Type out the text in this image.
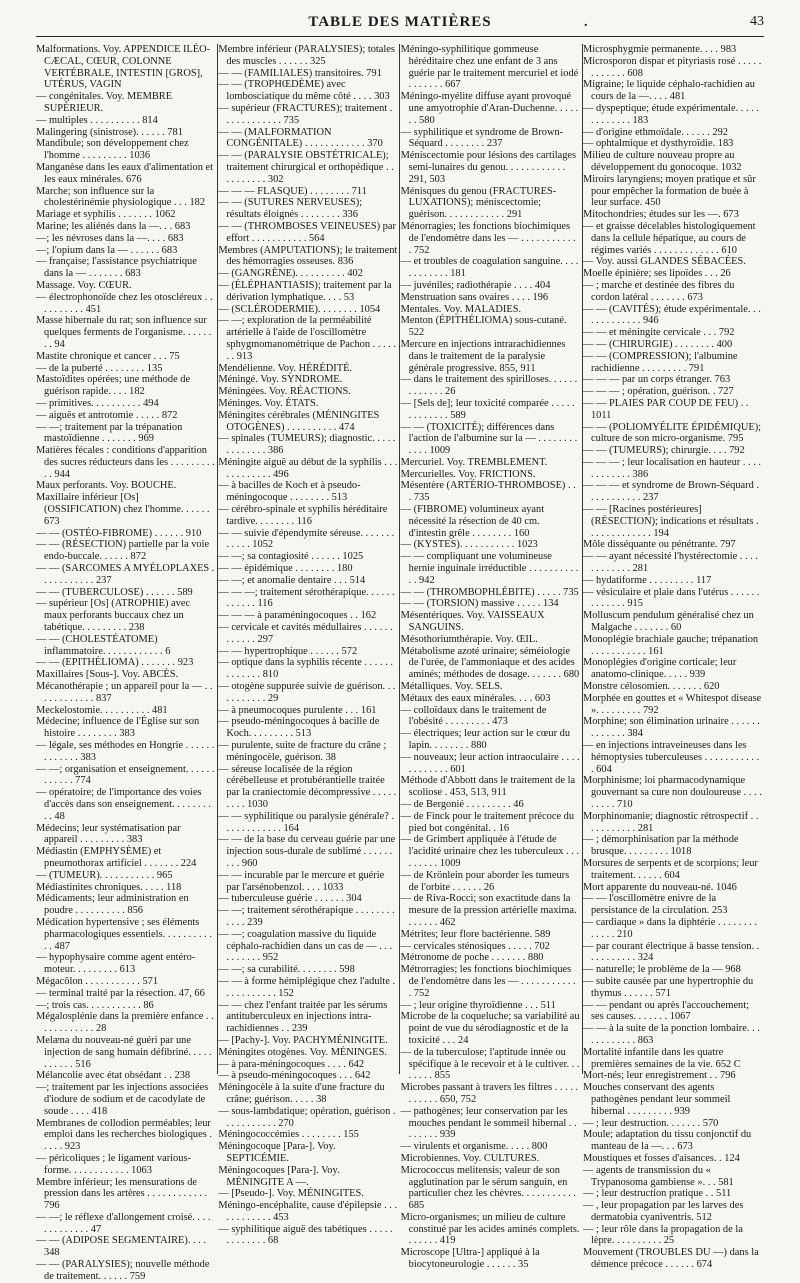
TABLE DES MATIÈRES	.	43

Malformations. Voy. APPENDICE ILÉO-CÆCAL, CŒUR, COLONNE VERTÉBRALE, INTESTIN [GROS], UTÉRUS, VAGIN

— congénitales. Voy. MEMBRE SUPÉRIEUR.

— multiples . . . . . . . . . . 814

Malingering (sinistrose). . . . . . 781

Mandibule; son développement chez l'homme . . . . . . . . . 1036

Manganèse dans les eaux d'alimentation et les eaux minérales. 676

Marche; son influence sur la cholestérinémie physiologique . . . 182

Mariage et syphilis . . . . . . . 1062

Marine; les aliénés dans la —. . . 683

—; les névroses dans la —. . . . 683

—; l'opium dans la — . . . . . . 683

— française; l'assistance psychiatrique dans la — . . . . . . . 683

Massage. Voy. CŒUR.

— électrophonoïde chez les otoscléreux . . . . . . . . . . 451

Masse hibernale du rat; son influence sur quelques ferments de l'organisme. . . . . . . . 94

Mastite chronique et cancer . . . 75

— de la puberté . . . . . . . . 135

Mastoïdites opérées; une méthode de guérison rapide. . . . 182

— primitives. . . . . . . . . . 494

— aiguës et antrotomie . . . . . 872

— —; traitement par la trépanation mastoïdienne . . . . . . . 969

Matières fécales : conditions d'apparition des sucres réducteurs dans les . . . . . . . . . . . 944

Maux perforants. Voy. BOUCHE.

Maxillaire inférieur [Os] (OSSIFICATION) chez l'homme. . . . . . 673

— — (OSTÉO-FIBROME) . . . . . . 910

— — (RÉSECTION) partielle par la voie endo-buccale. . . . . . 872

— — (SARCOMES A MYÉLOPLAXES . . . . . . . . . . . 237

— — (TUBERCULOSE) . . . . . . 589

— supérieur [Os] (ATROPHIE) avec maux perforants buccaux chez un tabétique. . . . . . . . . 238

— — (CHOLESTÉATOME) inflammatoire. . . . . . . . . . . . 6

— — (EPITHÉLIOMA) . . . . . . . 923

Maxillaires [Sous-]. Voy. ABCÈS.

Mécanothérapie ; un appareil pour la — . . . . . . . . . . . . 837

Meckelostomie. . . . . . . . . . 481

Médecine; influence de l'Église sur son histoire . . . . . . . . 383

— légale, ses méthodes en Hongrie . . . . . . . . . . . . . 383

— —; organisation et enseignement. . . . . . . . . . . . 774

— opératoire; de l'importance des voies d'accès dans son enseignement. . . . . . . . . . 48

Médecins; leur systématisation par appareil . . . . . . . . . 383

Médiastin (EMPHYSÈME) et pneumothorax artificiel . . . . . . . 224

— (TUMEUR). . . . . . . . . . . 965

Médiastinites chroniques. . . . . 118

Médicaments; leur administration en poudre . . . . . . . . . . 856

Médication hypertensive ; ses éléments pharmacologiques essentiels. . . . . . . . . . . . 487

— hypophysaire comme agent entéro-moteur. . . . . . . . . 613

Mégacôlon . . . . . . . . . . . 571

— terminal traité par la résection. 47, 66

—; trois cas. . . . . . . . . . . 86

Mégalosplénie dans la première enfance . . . . . . . . . . . . 28

Melæna du nouveau-né guéri par une injection de sang humain défibriné. . . . . . . . . . . 516

Mélancolie avec état obsédant . . 238

—; traitement par les injections associées d'iodure de sodium et de cacodylate de soude . . . . 418

Membranes de collodion perméables; leur emploi dans les recherches biologiques . . . . . 923

— péricoliques ; le ligament various-forme. . . . . . . . . . . . 1063

Membre inférieur; les mensurations de pression dans les artères . . . . . . . . . . . . 796

— —; le réflexe d'allongement croisé. . . . . . . . . . . . . 47

— — (ADIPOSE SEGMENTAIRE). . . . 348

— — (PARALYSIES); nouvelle méthode de traitement. . . . . . 759

Membre inférieur (PARALYSIES); totales des muscles . . . . . . 325

— — (FAMILIALES) transitoires. 791

— — (TROPHŒDÈME) avec lombosciatique du même côté . . . . 303

— supérieur (FRACTURES); traitement . . . . . . . . . . . . 735

— — (MALFORMATION CONGÉNITALE) . . . . . . . . . . . . 370

— — (PARALYSIE OBSTÉTRICALE); traitement chirurgical et orthopédique . . . . . . . . . . 302

— — — FLASQUE) . . . . . . . . 711

— — (SUTURES NERVEUSES); résultats éloignés . . . . . . . . 336

— — (THROMBOSES VEINEUSES) par effort . . . . . . . . . . . 564

Membres (AMPUTATIONS); le traitement des hémorragies osseuses. 836

— (GANGRÈNE). . . . . . . . . . 402

— (ÉLÉPHANTIASIS); traitement par la dérivation lymphatique. . . . 53

— (SCLÉRODERMIE). . . . . . . . 1054

— —; exploration de la perméabilité artérielle à l'aide de l'oscillomètre sphygmomanométrique de Pachon . . . . . . . 913

Mendélienne. Voy. HÉRÉDITÉ.

Méningé. Voy. SYNDROME.

Méningées. Voy. RÉACTIONS.

Méninges. Voy. ÉTATS.

Méningites cérébrales (MÉNINGITES OTOGÈNES) . . . . . . . . . . 474

— spinales (TUMEURS); diagnostic. . . . . . . . . . . . . 386

Méningite aiguë au début de la syphilis . . . . . . . . . . . . 496

— à bacilles de Koch et à pseudo-méningocoque . . . . . . . . 513

— cérébro-spinale et syphilis héréditaire tardive. . . . . . . . 116

— — suivie d'épendymite séreuse. . . . . . . . . . . . 1052

— —; sa contagiosité . . . . . . 1025

— — épidémique . . . . . . . . 180

— —; et anomalie dentaire . . . 514

— — —; traitement sérothérapique. . . . . . . . . . . . 116

— — — à paraméningocoques . . 162

— cervicale et cavités médullaires . . . . . . . . . . . . 297

— — hypertrophique . . . . . . 572

— optique dans la syphilis récente . . . . . . . . . . . . . 810

— otogène suppurée suivie de guérison. . . . . . . . . . . 29

— à pneumocoques purulente . . . 161

— pseudo-méningocoques à bacille de Koch. . . . . . . . . 513

— purulente, suite de fracture du crâne ; méningocèle, guérison. 38

— séreuse localisée de la région cérébelleuse et protubérantielle traitée par la craniectomie décompressive . . . . . . . . . 1030

— — syphilitique ou paralysie générale? . . . . . . . . . . . . 164

— — de la base du cerveau guérie par une injection sous-durale de sublimé . . . . . . . . . 960

— — incurable par le mercure et guérie par l'arsénobenzol. . . . 1033

— tuberculeuse guérie . . . . . . 304

— —; traitement sérothérapique . . . . . . . . . . . . 239

— —; coagulation massive du liquide céphalo-rachidien dans un cas de — . . . . . . . . . . 952

— —; sa curabilité. . . . . . . . 598

— — à forme hémiplégique chez l'adulte . . . . . . . . . . . 152

— — chez l'enfant traitée par les sérums antituberculeux en injections intra-rachidiennes . . 239

— [Pachy-]. Voy. PACHYMÉNINGITE.

Méningites otogènes. Voy. MÉNINGES.

— à para-méningocoques . . . . 642

— à pseudo-méningocoques . . . 642

Méningocèle à la suite d'une fracture du crâne; guérison. . . . . 38

— sous-lambdatique; opération, guérison . . . . . . . . . . . 270

Méningococcémies . . . . . . . . 155

Méningocoque [Para-]. Voy. SEPTICÉMIE.

Méningocoques [Para-]. Voy. MÉNINGITE A —.

— [Pseudo-]. Voy. MÉNINGITES.

Méningo-encéphalite, cause d'épilepsie . . . . . . . . . . . . 453

— syphilitique aiguë des tabétiques . . . . . . . . . . . . . 68

Méningo-syphilitique gommeuse héréditaire chez une enfant de 3 ans guérie par le traitement mercuriel et iodé . . . . . . . 667

Méningo-myélite diffuse ayant provoqué une amyotrophie d'Aran-Duchenne. . . . . . . 580

— syphilitique et syndrome de Brown-Séquard . . . . . . . . 237

Méniscectomie pour lésions des cartilages semi-lunaires du genou. . . . . . . . . . . . 291, 503

Ménisques du genou (FRACTURES-LUXATIONS); méniscectomie; guérison. . . . . . . . . . . . 291

Ménorragies; les fonctions biochimiques de l'endomètre dans les — . . . . . . . . . . . . 752

— et troubles de coagulation sanguine. . . . . . . . . . . . 181

— juvéniles; radiothérapie . . . . 404

Menstruation sans ovaires . . . . 196

Mentales. Voy. MALADIES.

Menton (ÉPITHÉLIOMA) sous-cutané. 522

Mercure en injections intrarachidiennes dans le traitement de la paralysie générale progressive. 855, 911

— dans le traitement des spirilloses. . . . . . . . . . . . . 26

— [Sels de]; leur toxicité comparée . . . . . . . . . . . . . 589

— — (TOXICITÉ); différences dans l'action de l'albumine sur la — . . . . . . . . . . . . 1009

Mercuriel. Voy. TREMBLEMENT.

Mercurielles. Voy. FRICTIONS.

Mésentère (ARTÉRIO-THROMBOSE) . . . 735

— (FIBROME) volumineux ayant nécessité la résection de 40 cm. d'intestin grêle . . . . . . . . 160

— (KYSTES). . . . . . . . . . . 1023

— — compliquant une volumineuse hernie inguinale irréductible . . . . . . . . . . . . 942

— — (THROMBOPHLÉBITE) . . . . . 735

— — (TORSION) massive . . . . . 134

Mésentériques. Voy. VAISSEAUX SANGUINS.

Mésothoriumthérapie. Voy. ŒIL.

Métabolisme azoté urinaire; séméiologie de l'urée, de l'ammoniaque et des acides aminés; méthodes de dosage. . . . . . . 680

Métalliques. Voy. SELS.

Métaux des eaux minérales. . . . 603

— colloïdaux dans le traitement de l'obésité . . . . . . . . . 473

— électriques; leur action sur le cœur du lapin. . . . . . . . 880

— nouveaux; leur action intraoculaire . . . . . . . . . . . . 601

Méthode d'Abbott dans le traitement de la scoliose . 453, 513, 911

— de Bergonié . . . . . . . . . 46

— de Finck pour le traitement précoce du pied bot congénital. . 16

— de Grimbert appliquée à l'étude de l'acidité urinaire chez les tuberculeux . . . . . . . . . 1009

— de Krönlein pour aborder les tumeurs de l'orbite . . . . . . 26

— de Riva-Rocci; son exactitude dans la mesure de la pression artérielle maxima. . . . . . . 462

Métrites; leur flore bactérienne. 589

— cervicales sténosiques . . . . . 702

Métronome de poche . . . . . . . 880

Métrorragies; les fonctions biochimiques de l'endomètre dans les — . . . . . . . . . . . . 752

— ; leur origine thyroïdienne . . . 511

Microbe de la coqueluche; sa variabilité au point de vue du sérodiagnostic et de la toxicité . . . 24

— de la tuberculose; l'aptitude innée ou spécifique à le recevoir et à le cultiver. . . . . . . . 855

Microbes passant à travers les filtres . . . . . . . . . . . 650, 752

— pathogènes; leur conservation par les mouches pendant le sommeil hibernal . . . . . . . . 939

— virulents et organisme. . . . . 800

Microbiennes. Voy. CULTURES.

Micrococcus melitensis; valeur de son agglutination par le sérum sanguin, en particulier chez les chèvres. . . . . . . . . . . 685

Micro-organismes; un milieu de culture constitué par les acides aminés complets. . . . . . . 419

Microscope [Ultra-] appliqué à la biocytoneurologie . . . . . . 35

Microsphygmie permanente. . . . 983

Microsporon dispar et pityriasis rosé . . . . . . . . . . . . 608

Migraine; le liquide céphalo-rachidien au cours de la —. . . . 481

— dyspeptique; étude expérimentale. . . . . . . . . . . . . 183

— d'origine ethmoïdale. . . . . . 292

— ophtalmique et dysthyroïdie. 183

Milieu de culture nouveau propre au développement du gonocoque. 1032

Miroirs laryngiens; moyen pratique et sûr pour empêcher la formation de buée à leur surface. 450

Mitochondries; études sur les —. 673

— et graisse décelables histologiquement dans la cellule hépatique, au cours de régimes variés . . . . . . . . . . . . . 610

— Voy. aussi GLANDES SÉBACÉES.

Moelle épinière; ses lipoïdes . . . 26

— ; marche et destinée des fibres du cordon latéral . . . . . . . 673

— — (CAVITÉS); étude expérimentale. . . . . . . . . . . . . 946

— — et méningite cervicale . . . 792

— — (CHIRURGIE) . . . . . . . . 400

— — (COMPRESSION); l'albumine rachidienne . . . . . . . . . 791

— — — par un corps étranger. 763

— — — ; opération, guérison. . 727

— — PLAIES PAR COUP DE FEU) . . 1011

— — (POLIOMYÉLITE ÉPIDÉMIQUE); culture de son micro-organisme. 795

— — (TUMEURS); chirurgie. . . . 792

— — — ; leur localisation en hauteur . . . . . . . . . . . . 386

— — — et syndrome de Brown-Séquard . . . . . . . . . . . 237

— — [Racines postérieures] (RÉSECTION); indications et résultats . . . . . . . . . . . . . 194

Môle disséquante ou pénétrante. 797

— — ayant nécessité l'hystérectomie . . . . . . . . . . . . 281

— hydatiforme . . . . . . . . . 117

— vésiculaire et plaie dans l'utérus . . . . . . . . . . . . . 915

Molluscum pendulum généralisé chez un Malgache . . . . . . . 60

Monoplégie brachiale gauche; trépanation . . . . . . . . . . . 161

Monoplégies d'origine corticale; leur anatomo-clinique. . . . . 939

Monstre célosomien. . . . . . . 620

Morphée en gouttes et « Whitespot disease ». . . . . . . . . 792

Morphine; son élimination urinaire . . . . . . . . . . . . . 384

— en injections intraveineuses dans les hémoptysies tuberculeuses . . . . . . . . . . . . 604

Morphinisme; loi pharmacodynamique gouvernant sa cure non douloureuse . . . . . . . . . 710

Morphinomanie; diagnostic rétrospectif . . . . . . . . . . . 281

— ; démorphinisation par la méthode brusque. . . . . . . . . 1018

Morsures de serpents et de scorpions; leur traitement. . . . . . 604

Mort apparente du nouveau-né. 1046

— — l'oscillomètre enivre de la persistance de la circulation. 253

— cardiaque » dans la diphtérie . . . . . . . . . . . . . 210

— par courant électrique à basse tension. . . . . . . . . . . 324

— naturelle; le problème de la — 968

— subite causée par une hypertrophie du thymus . . . . . . 571

— — pendant ou après l'accouchement; ses causes. . . . . . . 1067

— — à la suite de la ponction lombaire. . . . . . . . . . . . 863

Mortalité infantile dans les quatre premières semaines de la vie. 652 C

Mort-nés; leur enregistrement . . 796

Mouches conservant des agents pathogènes pendant leur sommeil hibernal . . . . . . . . . 939

— ; leur destruction. . . . . . . 570

Moule; adaptation du tissu conjonctif du manteau de la —. . . 673

Moustiques et fosses d'aisances. . 124

— agents de transmission du « Trypanosoma gambiense ». . . 581

— ; leur destruction pratique . . 511

— , leur propagation par les larves des dermatobia cyaniventris. 512

— ; leur rôle dans la propagation de la lèpre. . . . . . . . . . 25

Mouvement (TROUBLES DU —) dans la démence précoce . . . . . . 674
